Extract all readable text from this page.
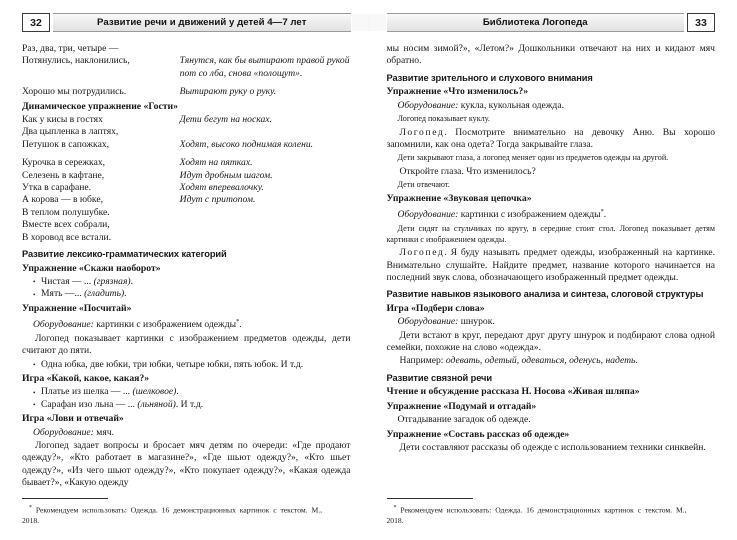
32	Развитие речи и движений у детей 4—7 лет
Раз, два, три, четыре —	
Потянулись, наклонились,	Тянутся, как бы вытирают правой рукой пот со лба, снова «полощут».

Хорошо мы потрудились.	Вытирают руку о руку.

Динамическое упражнение «Гости»

Как у кисы в гостях	Дети бегут на носках.
Два цыпленка в лаптях,	
Петушок в сапожках,	Ходят, высоко поднимая колени.

Курочка в сережках,	Ходят на пятках.
Селезень в кафтане,	Идут дробным шагом.
Утка в сарафане.	Ходят вперевалочку.
А корова — в юбке,	Идут с притопом.
В теплом полушубке.	
Вместе всех собрали,	
В хоровод все встали.	

Развитие лексико-грамматических категорий

Упражнение «Скажи наоборот»

• Чистая — ... (грязная).

• Мять —... (гладить).

Упражнение «Посчитай»

Оборудование: картинки с изображением одежды*.

Логопед показывает картинки с изображением предметов одежды, дети считают до пяти.

• Одна юбка, две юбки, три юбки, четыре юбки, пять юбок. И т.д.

Игра «Какой, какое, какая?»

• Платье из шелка — ... (шелковое).

• Сарафан изо льна — ... (льняной). И т.д.

Игра «Лови и отвечай»

Оборудование: мяч.

Логопед задает вопросы и бросает мяч детям по очереди: «Где продают одежду?», «Кто работает в магазине?», «Где шьют одежду?», «Кто шьет одежду?», «Из чего шьют одежду?», «Кто покупает одежду?», «Какая одежда бывает?», «Какую одежду

* Рекомендуем использовать: Одежда. 16 демонстрационных картинок с текстом. М., 2018.

Библиотека Логопеда	33

мы носим зимой?», «Летом?» Дошкольники отвечают на них и кидают мяч обратно.

Развитие зрительного и слухового внимания

Упражнение «Что изменилось?»

Оборудование: кукла, кукольная одежда.

Логопед показывает куклу.

Логопед. Посмотрите внимательно на девочку Аню. Вы хорошо запомнили, как она одета? Тогда закрывайте глаза.

Дети закрывают глаза, а логопед меняет один из предметов одежды на другой.

Откройте глаза. Что изменилось?

Дети отвечают.

Упражнение «Звуковая цепочка»

Оборудование: картинки с изображением одежды*.

Дети сидят на стульчиках по кругу, в середине стоит стол. Логопед показывает детям картинки с изображением одежды.

Логопед. Я буду называть предмет одежды, изображенный на картинке. Внимательно слушайте. Найдите предмет, название которого начинается на последний звук слова, обозначающего изображенный предмет одежды.

Развитие навыков языкового анализа и синтеза, слоговой структуры

Игра «Подбери слова»

Оборудование: шнурок.

Дети встают в круг, передают друг другу шнурок и подбирают слова одной семейки, похожие на слово «одежда».

Например: одевать, одетый, одеваться, оденусь, надеть.

Развитие связной речи

Чтение и обсуждение рассказа Н. Носова «Живая шляпа»

Упражнение «Подумай и отгадай»

Отгадывание загадок об одежде.

Упражнение «Составь рассказ об одежде»

Дети составляют рассказы об одежде с использованием техники синквейн.

* Рекомендуем использовать: Одежда. 16 демонстрационных картинок с текстом. М., 2018.
